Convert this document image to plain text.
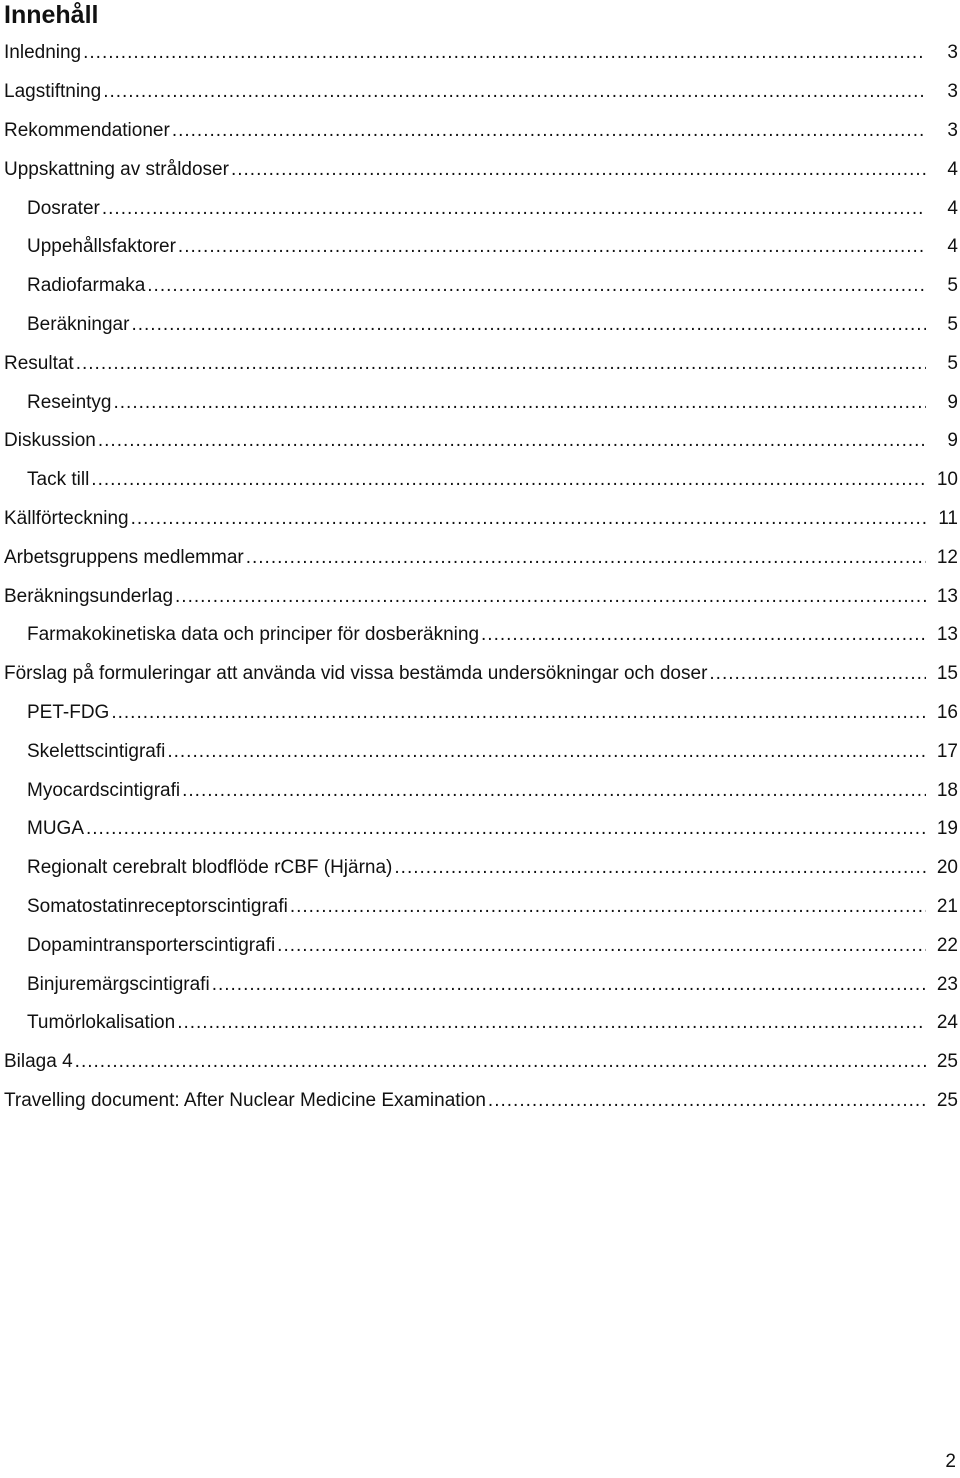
Innehåll
Inledning .....	3
Lagstiftning .....	3
Rekommendationer .....	3
Uppskattning av stråldoser .....	4
Dosrater .....	4
Uppehållsfaktorer .....	4
Radiofarmaka .....	5
Beräkningar .....	5
Resultat .....	5
Reseintyg .....	9
Diskussion .....	9
Tack till .....	10
Källförteckning .....	11
Arbetsgruppens medlemmar .....	12
Beräkningsunderlag .....	13
Farmakokinetiska data och principer för dosberäkning .....	13
Förslag på formuleringar att använda vid vissa bestämda undersökningar och doser .....	15
PET-FDG .....	16
Skelettscintigrafi .....	17
Myocardscintigrafi .....	18
MUGA .....	19
Regionalt cerebralt blodflöde rCBF (Hjärna) .....	20
Somatostatinreceptorscintigrafi .....	21
Dopamintransporterscintigrafi .....	22
Binjuremärgscintigrafi .....	23
Tumörlokalisation .....	24
Bilaga 4 .....	25
Travelling document: After Nuclear Medicine Examination .....	25
2
